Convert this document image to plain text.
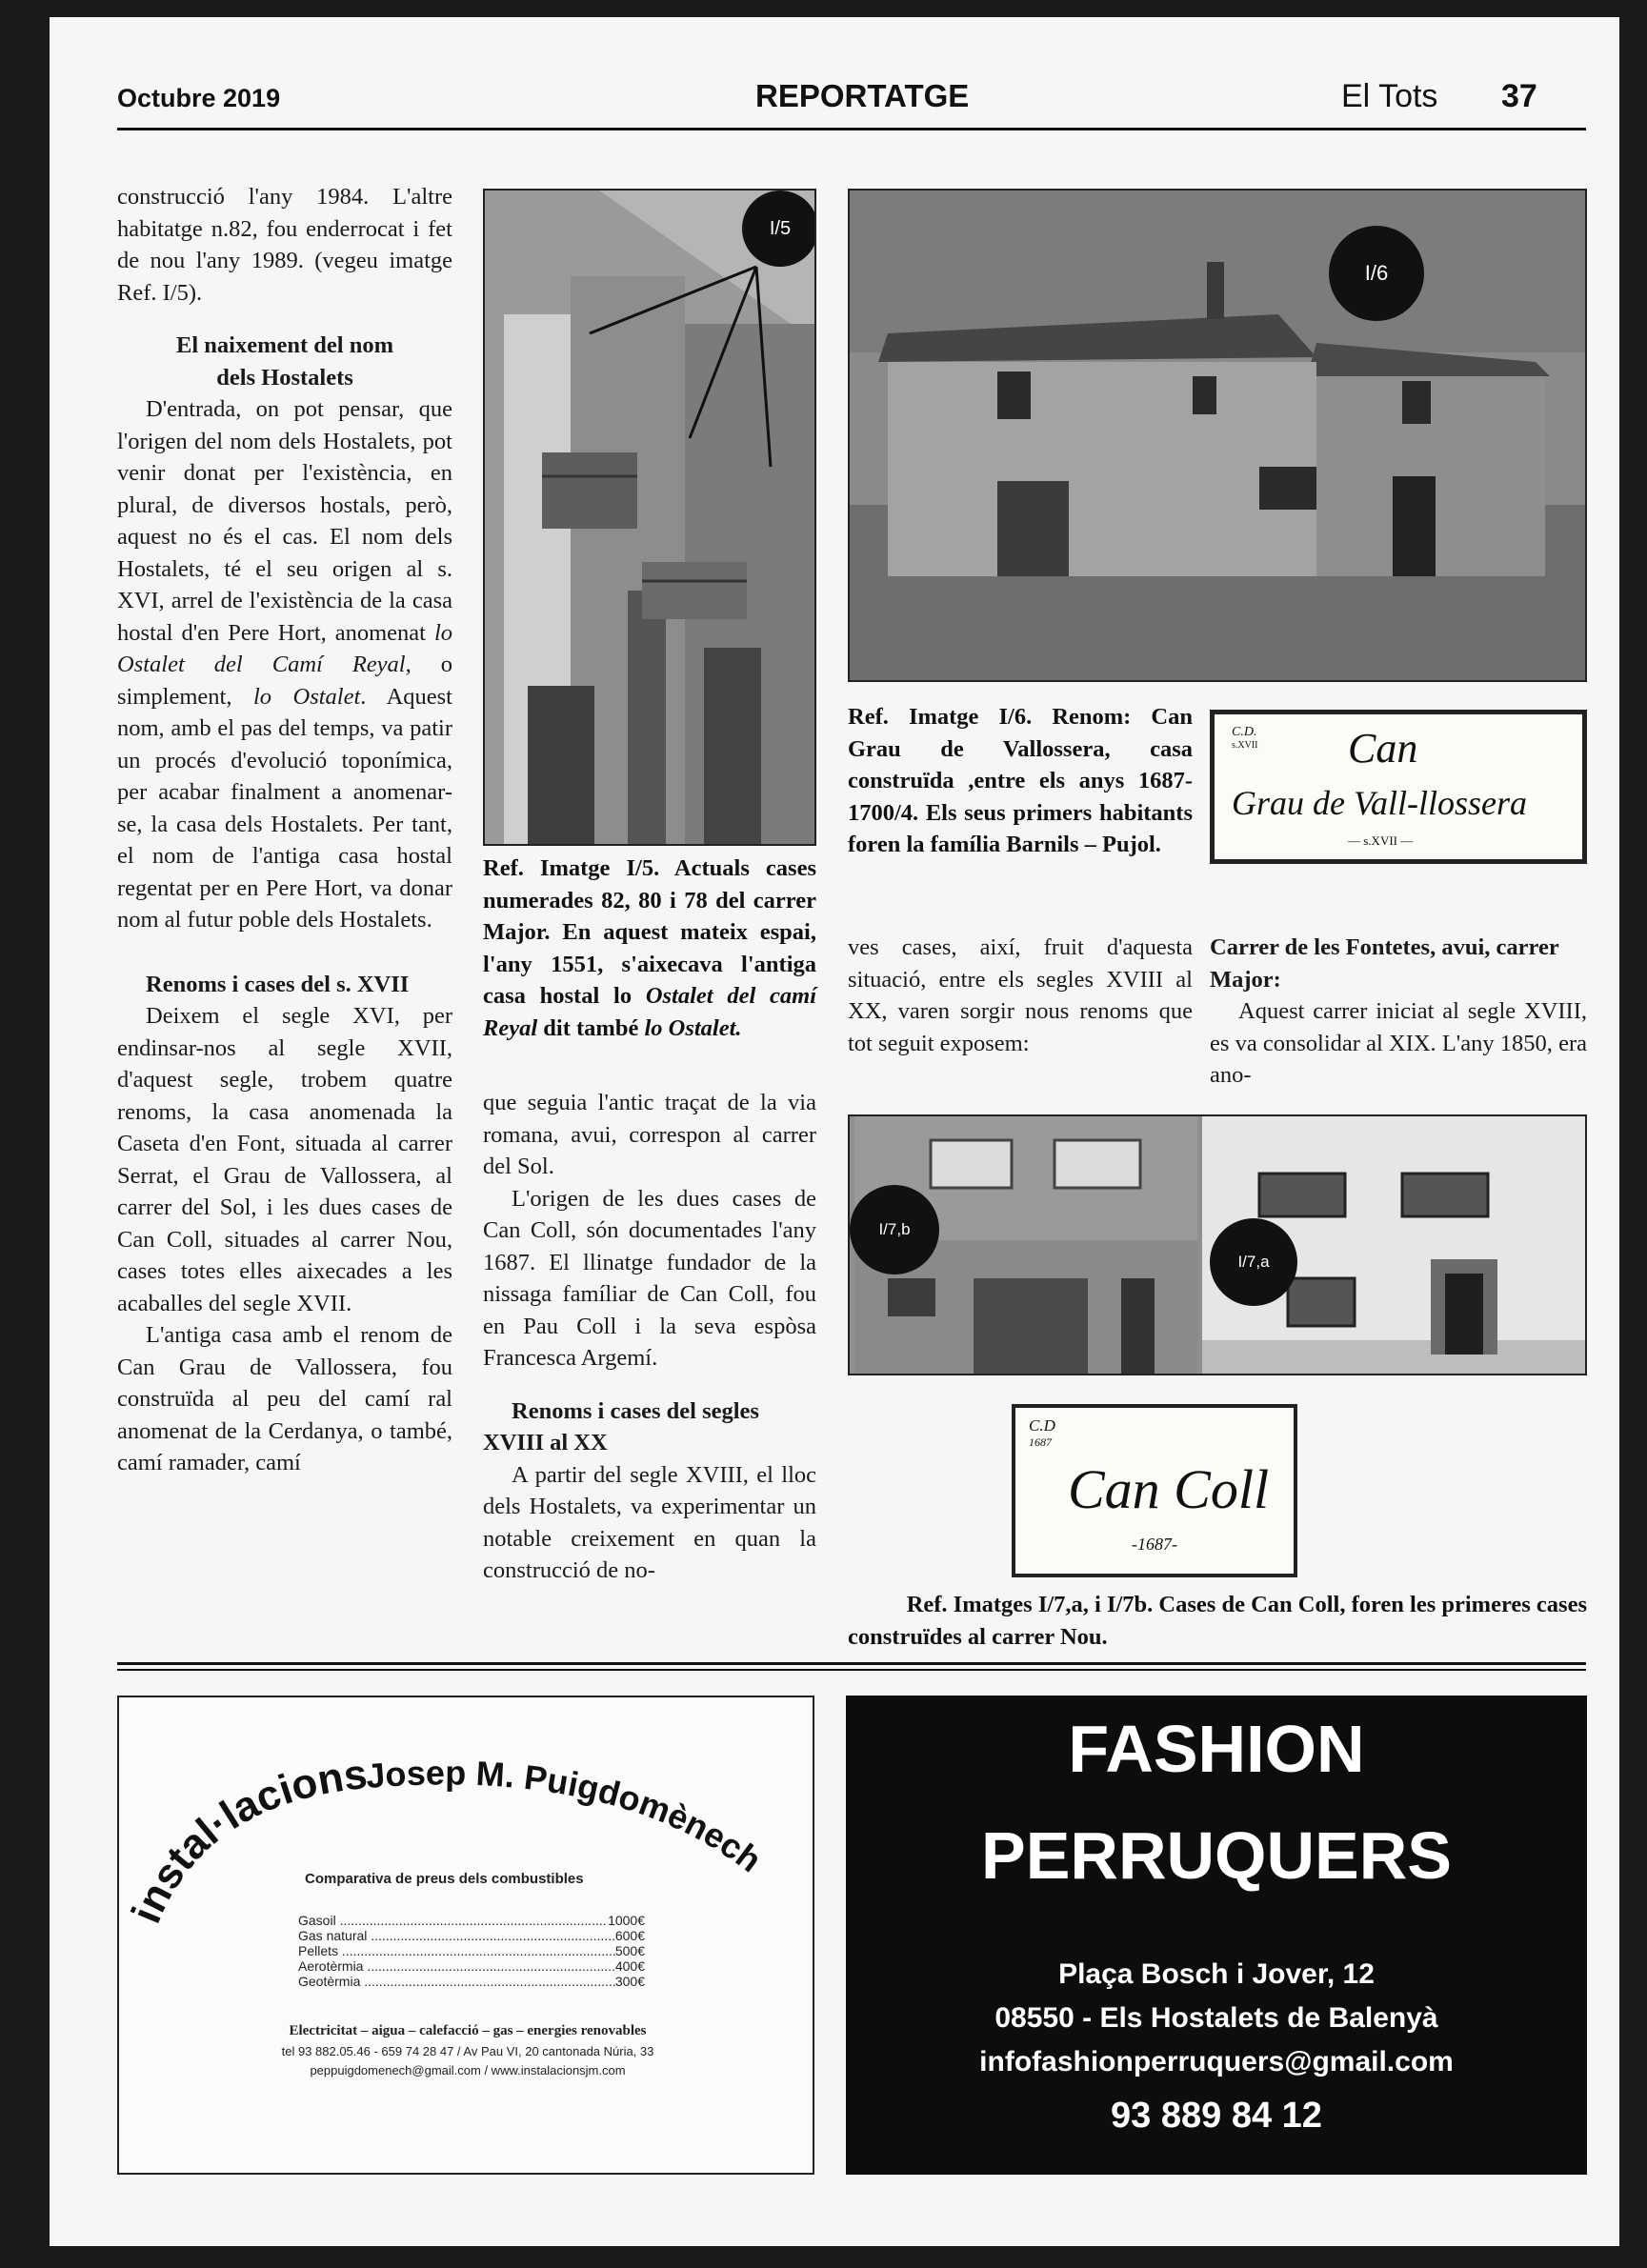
Octubre 2019	REPORTATGE	El Tots 37

construcció l'any 1984. L'altre habitatge n.82, fou enderrocat i fet de nou l'any 1989. (vegeu imatge Ref. I/5).

El naixement del nom
dels Hostalets

D'entrada, on pot pensar, que l'origen del nom dels Hostalets, pot venir donat per l'existència, en plural, de diversos hostals, però, aquest no és el cas. El nom dels Hostalets, té el seu origen al s. XVI, arrel de l'existència de la casa hostal d'en Pere Hort, anomenat lo Ostalet del Camí Reyal, o simplement, lo Ostalet. Aquest nom, amb el pas del temps, va patir un procés d'evolució toponímica, per acabar finalment a anomenar-se, la casa dels Hostalets. Per tant, el nom de l'antiga casa hostal regentat per en Pere Hort, va donar nom al futur poble dels Hostalets.

Renoms i cases del s. XVII

Deixem el segle XVI, per endinsar-nos al segle XVII, d'aquest segle, trobem quatre renoms, la casa anomenada la Caseta d'en Font, situada al carrer Serrat, el Grau de Vallossera, al carrer del Sol, i les dues cases de Can Coll, situades al carrer Nou, cases totes elles aixecades a les acaballes del segle XVII.

L'antiga casa amb el renom de Can Grau de Vallossera, fou construïda al peu del camí ral anomenat de la Cerdanya, o també, camí ramader, camí

I/5
Ref. Imatge I/5. Actuals cases numerades 82, 80 i 78 del carrer Major. En aquest mateix espai, l'any 1551, s'aixecava l'antiga casa hostal lo Ostalet del camí Reyal dit també lo Ostalet.

que seguia l'antic traçat de la via romana, avui, correspon al carrer del Sol.

L'origen de les dues cases de Can Coll, són documentades l'any 1687. El llinatge fundador de la nissaga famíliar de Can Coll, fou en Pau Coll i la seva espòsa Francesca Argemí.

Renoms i cases del segles XVIII al XX

A partir del segle XVIII, el lloc dels Hostalets, va experimentar un notable creixement en quan la construcció de no-

I/6
Ref. Imatge I/6. Renom: Can Grau de Vallossera, casa construïda ,entre els anys 1687-1700/4. Els seus primers habitants foren la família Barnils – Pujol.
C.D.
s.XVII Can
Grau de Vall-llossera
— s.XVII —

ves cases, així, fruit d'aquesta situació, entre els segles XVIII al XX, varen sorgir nous renoms que tot seguit exposem:

Carrer de les Fontetes, avui, carrer Major:

Aquest carrer iniciat al segle XVIII, es va consolidar al XIX. L'any 1850, era ano-

I/7,b
I/7,a
C.D
1687
Can Coll
-1687-
Ref. Imatges I/7,a, i I/7b. Cases de Can Coll, foren les primeres cases construïdes al carrer Nou.
instal·lacions
Josep M. Puigdomènech
Comparativa de preus dels combustibles
Gasoil .....	1000€
Gas natural .....	600€
Pellets .....	500€
Aerotèrmia .....	400€
Geotèrmia .....	300€
Electricitat – aigua – calefacció – gas – energies renovables
tel 93 882.05.46 - 659 74 28 47 / Av Pau VI, 20 cantonada Núria, 33
peppuigdomenech@gmail.com / www.instalacionsjm.com
FASHION
PERRUQUERS
Plaça Bosch i Jover, 12
08550 - Els Hostalets de Balenyà
infofashionperruquers@gmail.com
93 889 84 12
